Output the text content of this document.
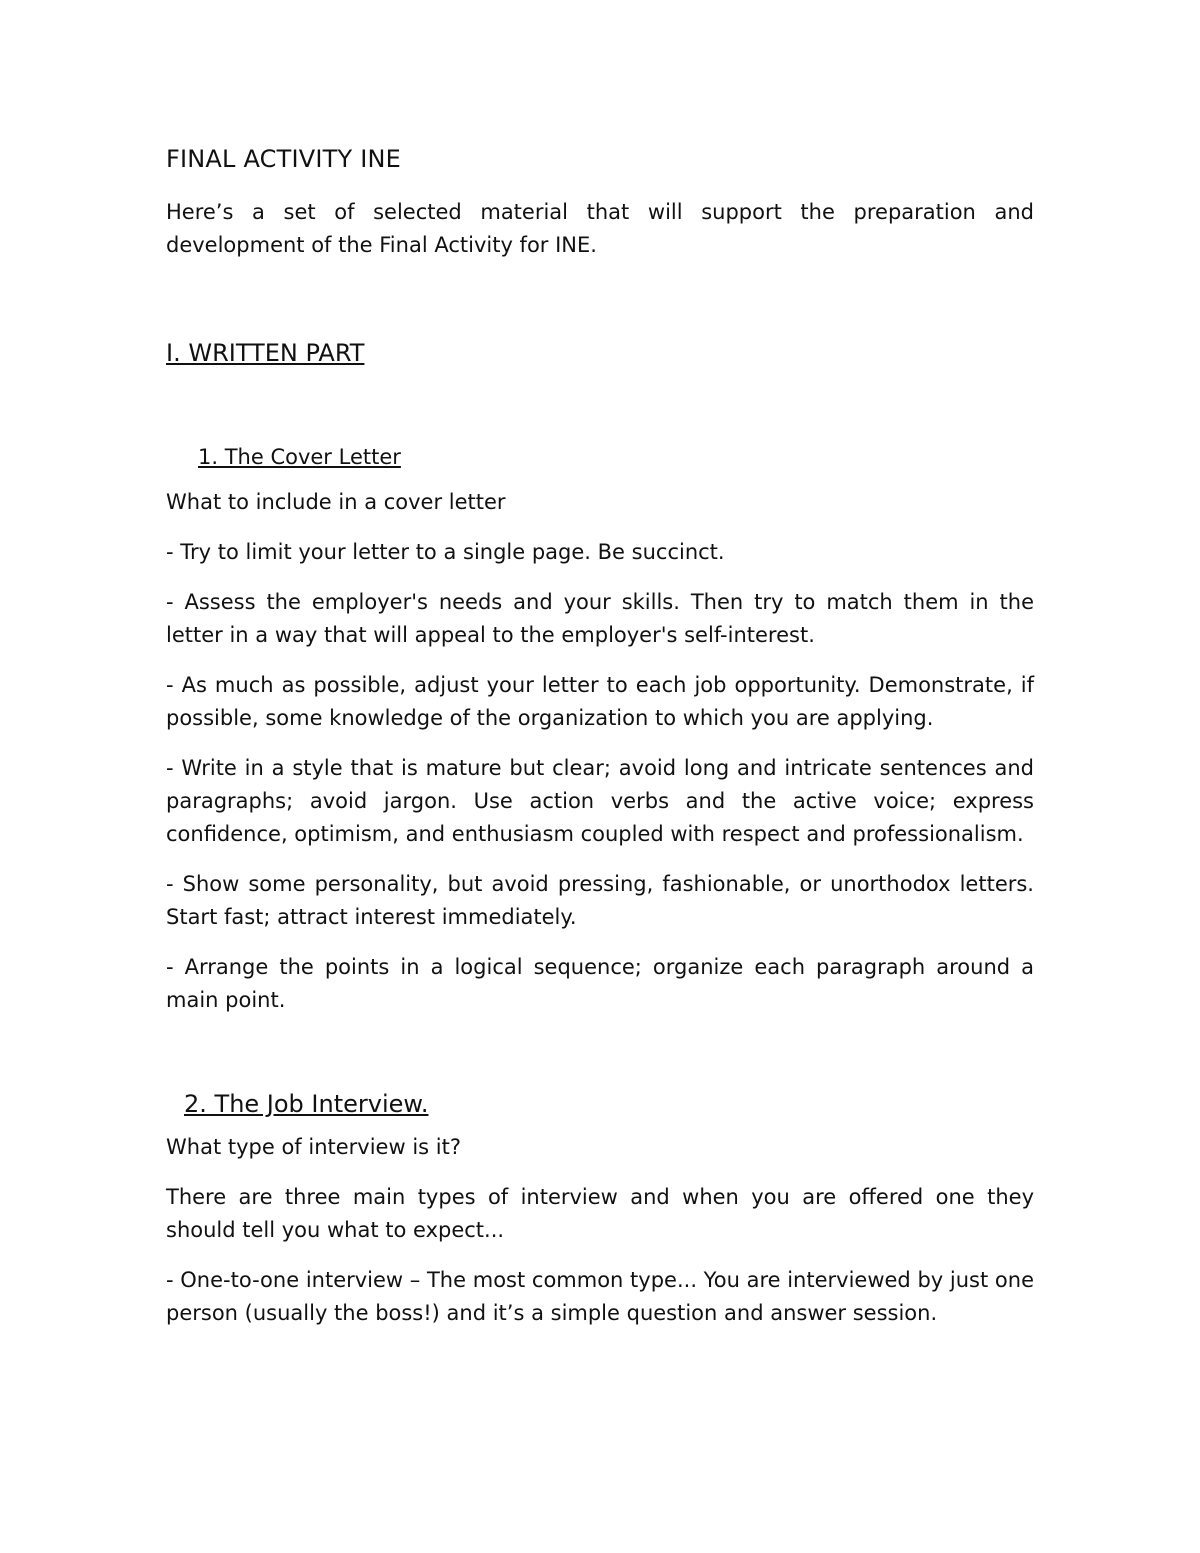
FINAL ACTIVITY INE

Here’s a set of selected material that will support the preparation and development of the Final Activity for INE.

I. WRITTEN PART
1. The Cover Letter

What to include in a cover letter

- Try to limit your letter to a single page. Be succinct.

- Assess the employer's needs and your skills. Then try to match them in the letter in a way that will appeal to the employer's self-interest.

- As much as possible, adjust your letter to each job opportunity. Demonstrate, if possible, some knowledge of the organization to which you are applying.

- Write in a style that is mature but clear; avoid long and intricate sentences and paragraphs; avoid jargon. Use action verbs and the active voice; express confidence, optimism, and enthusiasm coupled with respect and professionalism.

- Show some personality, but avoid pressing, fashionable, or unorthodox letters. Start fast; attract interest immediately.

- Arrange the points in a logical sequence; organize each paragraph around a main point.

2. The Job Interview.

What type of interview is it?

There are three main types of interview and when you are offered one they should tell you what to expect...

- One-to-one interview – The most common type... You are interviewed by just one person (usually the boss!) and it’s a simple question and answer session.
